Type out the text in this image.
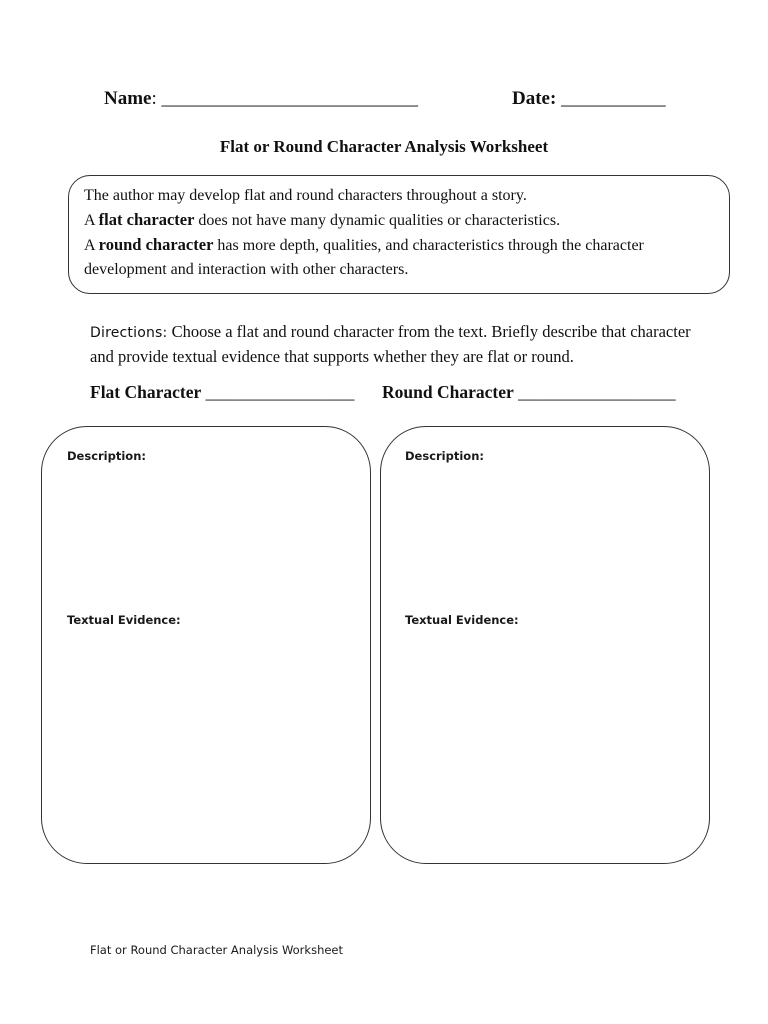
Name: ___________________________	Date: ___________
Flat or Round Character Analysis Worksheet
The author may develop flat and round characters throughout a story.
A flat character does not have many dynamic qualities or characteristics.
A round character has more depth, qualities, and characteristics through the character development and interaction with other characters.
Directions: Choose a flat and round character from the text. Briefly describe that character and provide textual evidence that supports whether they are flat or round.
Flat Character _________________ Round Character __________________
Description:
Textual Evidence:
Description:
Textual Evidence:
Flat or Round Character Analysis Worksheet
